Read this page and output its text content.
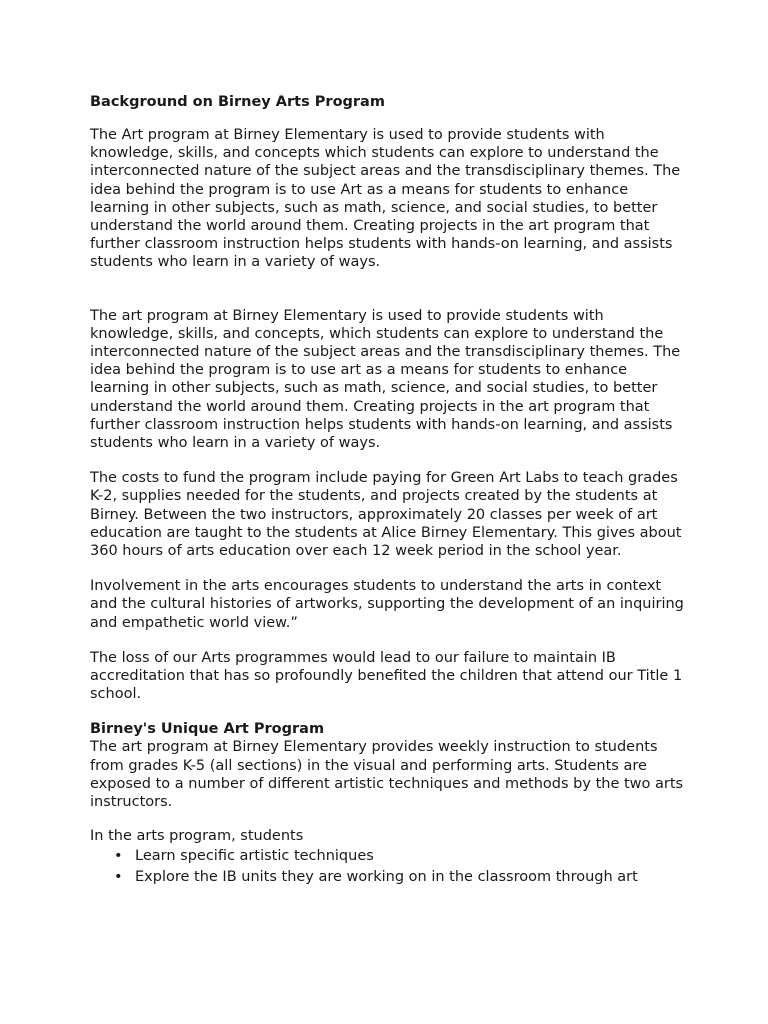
Background on Birney Arts Program

The Art program at Birney Elementary is used to provide students with knowledge, skills, and concepts which students can explore to understand the interconnected nature of the subject areas and the transdisciplinary themes. The idea behind the program is to use Art as a means for students to enhance learning in other subjects, such as math, science, and social studies, to better understand the world around them. Creating projects in the art program that further classroom instruction helps students with hands-on learning, and assists students who learn in a variety of ways.

The art program at Birney Elementary is used to provide students with knowledge, skills, and concepts, which students can explore to understand the interconnected nature of the subject areas and the transdisciplinary themes. The idea behind the program is to use art as a means for students to enhance learning in other subjects, such as math, science, and social studies, to better understand the world around them. Creating projects in the art program that further classroom instruction helps students with hands-on learning, and assists students who learn in a variety of ways.

The costs to fund the program include paying for Green Art Labs to teach grades K-2, supplies needed for the students, and projects created by the students at Birney. Between the two instructors, approximately 20 classes per week of art education are taught to the students at Alice Birney Elementary. This gives about 360 hours of arts education over each 12 week period in the school year.

Involvement in the arts encourages students to understand the arts in context and the cultural histories of artworks, supporting the development of an inquiring and empathetic world view.”

The loss of our Arts programmes would lead to our failure to maintain IB accreditation that has so profoundly benefited the children that attend our Title 1 school.

Birney's Unique Art Program

The art program at Birney Elementary provides weekly instruction to students from grades K-5 (all sections) in the visual and performing arts. Students are exposed to a number of different artistic techniques and methods by the two arts instructors.

In the arts program, students

• Learn specific artistic techniques
• Explore the IB units they are working on in the classroom through art
